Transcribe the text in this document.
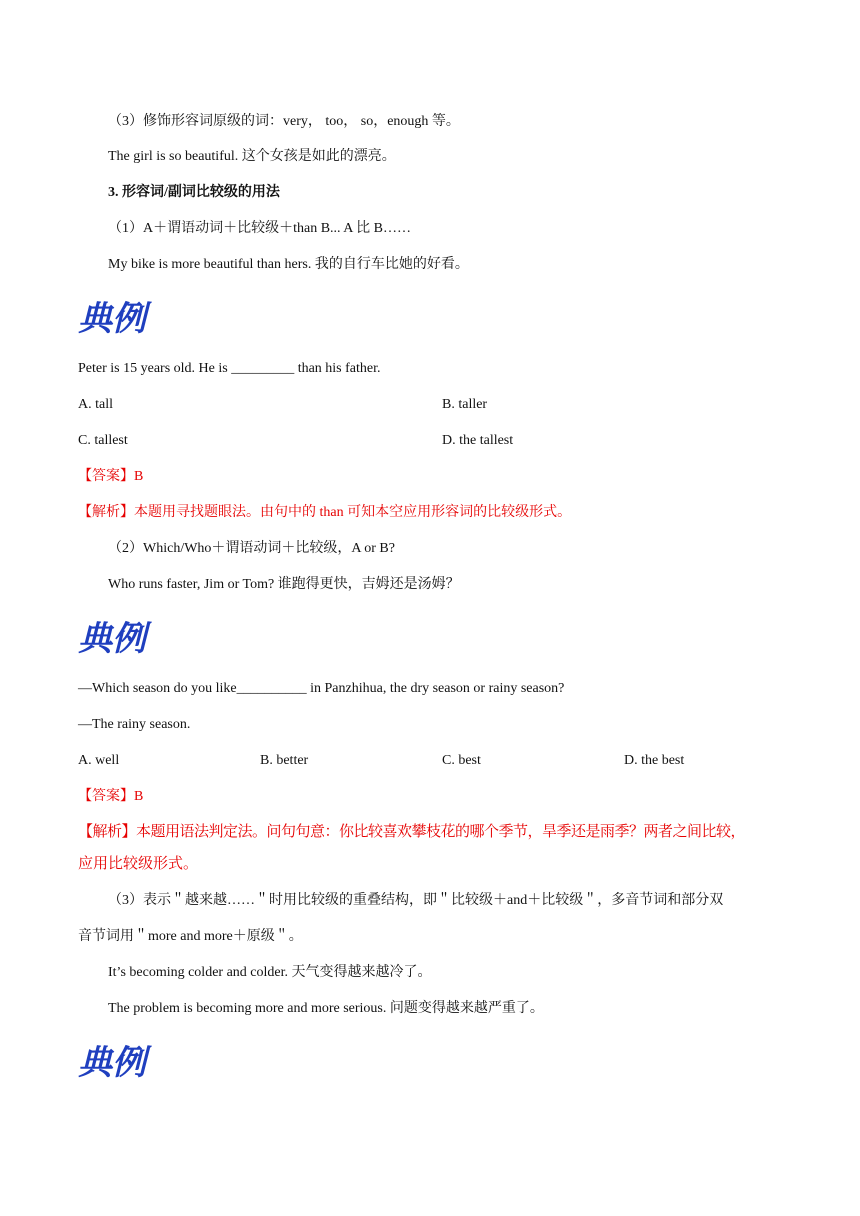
（3）修饰形容词原级的词：very， too， so，enough 等。
The girl is so beautiful. 这个女孩是如此的漂亮。
3. 形容词/副词比较级的用法
（1）A＋谓语动词＋比较级＋than B... A 比 B……
My bike is more beautiful than hers. 我的自行车比她的好看。
典例
Peter is 15 years old. He is _________ than his father.
A. tall	B. taller
C. tallest	D. the tallest
【答案】B
【解析】本题用寻找题眼法。由句中的 than 可知本空应用形容词的比较级形式。
（2）Which/Who＋谓语动词＋比较级，A or B?
Who runs faster, Jim or Tom? 谁跑得更快，吉姆还是汤姆？
典例
—Which season do you like__________ in Panzhihua, the dry season or rainy season?
—The rainy season.
A. well	B. better	C. best	D. the best
【答案】B
【解析】本题用语法判定法。问句句意：你比较喜欢攀枝花的哪个季节，旱季还是雨季？两者之间比较，
应用比较级形式。
（3）表示＂越来越……＂时用比较级的重叠结构，即＂比较级＋and＋比较级＂，多音节词和部分双
音节词用＂more and more＋原级＂。
It’s becoming colder and colder. 天气变得越来越冷了。
The problem is becoming more and more serious. 问题变得越来越严重了。
典例
